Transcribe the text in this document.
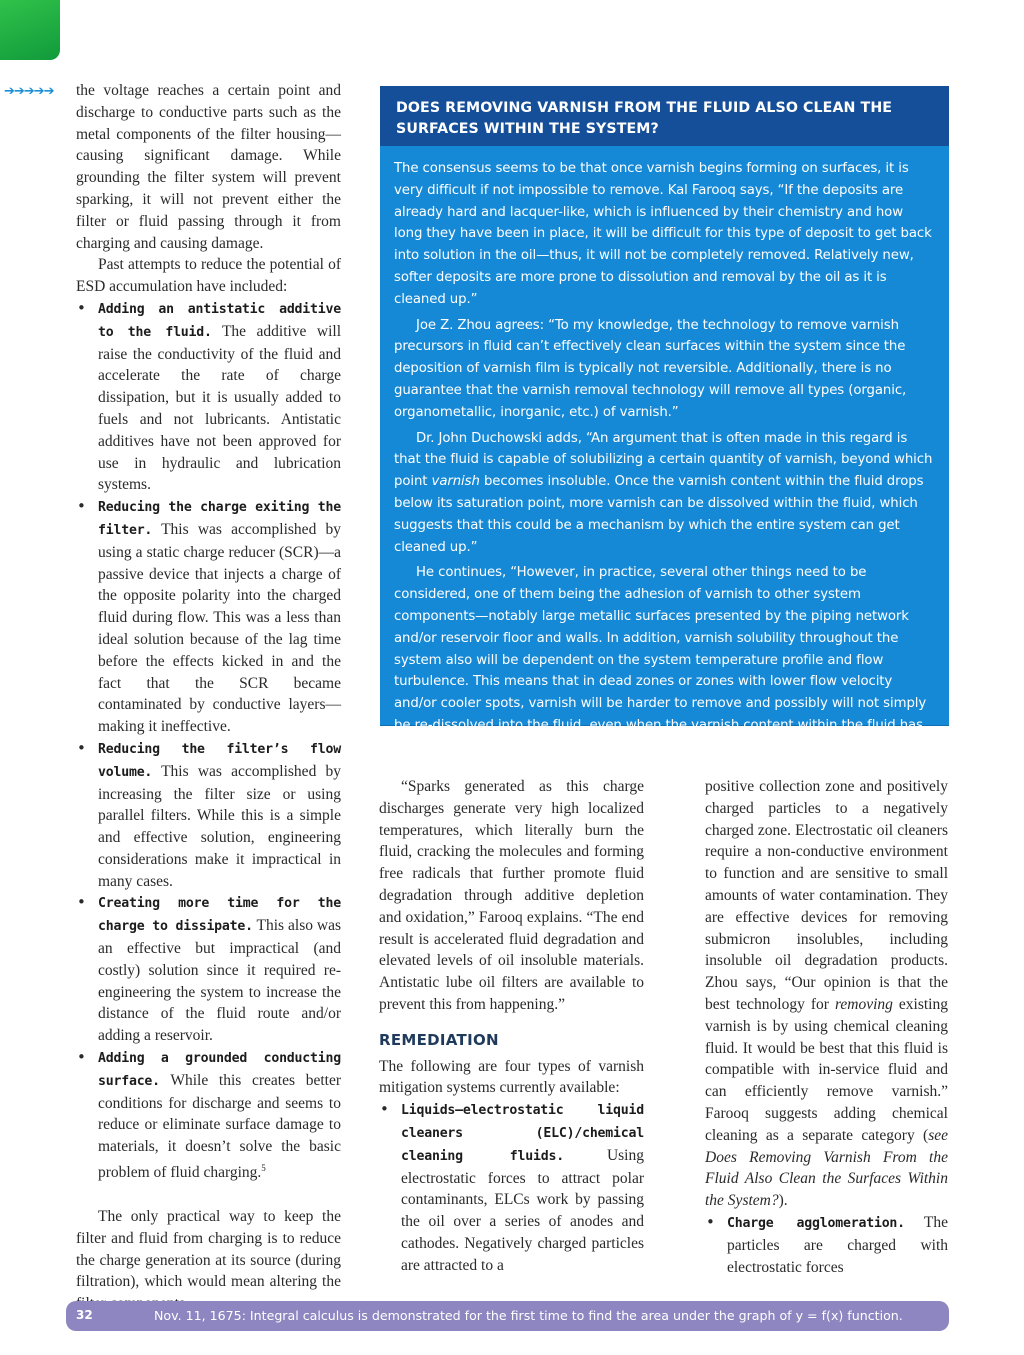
➔➔➔➔➔ the voltage reaches a certain point and discharge to conductive parts such as the metal components of the filter housing—causing significant damage. While grounding the filter system will prevent sparking, it will not prevent either the filter or fluid passing through it from charging and causing damage.

Past attempts to reduce the potential of ESD accumulation have included:

• Adding an antistatic additive to the fluid. The additive will raise the conductivity of the fluid and accelerate the rate of charge dissipation, but it is usually added to fuels and not lubricants. Antistatic additives have not been approved for use in hydraulic and lubrication systems.
• Reducing the charge exiting the filter. This was accomplished by using a static charge reducer (SCR)—a passive device that injects a charge of the opposite polarity into the charged fluid during flow. This was a less than ideal solution because of the lag time before the effects kicked in and the fact that the SCR became contaminated by conductive layers—making it ineffective.
• Reducing the filter’s flow volume. This was accomplished by increasing the filter size or using parallel filters. While this is a simple and effective solution, engineering considerations make it impractical in many cases.
• Creating more time for the charge to dissipate. This also was an effective but impractical (and costly) solution since it required re-engineering the system to increase the distance of the fluid route and/or adding a reservoir.
• Adding a grounded conducting surface. While this creates better conditions for discharge and seems to reduce or eliminate surface damage to materials, it doesn’t solve the basic problem of fluid charging.$^5$

The only practical way to keep the filter and fluid from charging is to reduce the charge generation at its source (during filtration), which would mean altering the

DOES REMOVING VARNISH FROM THE FLUID ALSO CLEAN THE SURFACES WITHIN THE SYSTEM?

The consensus seems to be that once varnish begins forming on surfaces, it is very difficult if not impossible to remove. Kal Farooq says, “If the deposits are already hard and lacquer-like, which is influenced by their chemistry and how long they have been in place, it will be difficult for this type of deposit to get back into solution in the oil—thus, it will not be completely removed. Relatively new, softer deposits are more prone to dissolution and removal by the oil as it is cleaned up.”

Joe Z. Zhou agrees: “To my knowledge, the technology to remove varnish precursors in fluid can’t effectively clean surfaces within the system since the deposition of varnish film is typically not reversible. Additionally, there is no guarantee that the varnish removal technology will remove all types (organic, organometallic, inorganic, etc.) of varnish.”

Dr. John Duchowski adds, “An argument that is often made in this regard is that the fluid is capable of solubilizing a certain quantity of varnish, beyond which point varnish becomes insoluble. Once the varnish content within the fluid drops below its saturation point, more varnish can be dissolved within the fluid, which suggests that this could be a mechanism by which the entire system can get cleaned up.”

He continues, “However, in practice, several other things need to be considered, one of them being the adhesion of varnish to other system components—notably large metallic surfaces presented by the piping network and/or reservoir floor and walls. In addition, varnish solubility throughout the system also will be dependent on the system temperature profile and flow turbulence. This means that in dead zones or zones with lower flow velocity and/or cooler spots, varnish will be harder to remove and possibly will not simply be re-dissolved into the fluid, even when the varnish content within the fluid has dropped below the saturation limit.”

“Sparks generated as this charge discharges generate very high localized temperatures, which literally burn the fluid, cracking the molecules and forming free radicals that further promote fluid degradation through additive depletion and oxidation,” Farooq explains. “The end result is accelerated fluid degradation and elevated levels of oil insoluble materials. Antistatic lube oil filters are available to prevent this from happening.”

REMEDIATION

The following are four types of varnish mitigation systems currently available:

• Liquids—electrostatic liquid cleaners (ELC)/chemical cleaning fluids. Using electrostatic forces to attract polar contaminants, ELCs work by passing the oil over a series of anodes and cathodes. Negatively charged particles are attracted to a

positive collection zone and positively charged particles to a negatively charged zone. Electrostatic oil cleaners require a non-conductive environment to function and are sensitive to small amounts of water contamination. They are effective devices for removing submicron insolubles, including insoluble oil degradation products. Zhou says, “Our opinion is that the best technology for removing existing varnish is by using chemical cleaning fluid. It would be best that this fluid is compatible with in-service fluid and can efficiently remove varnish.” Farooq suggests adding chemical cleaning as a separate category (see Does Removing Varnish From the Fluid Also Clean the Surfaces Within the System?).

• Charge agglomeration. The particles are charged with electrostatic forces
32	Nov. 11, 1675: Integral calculus is demonstrated for the first time to find the area under the graph of y = f(x) function.
